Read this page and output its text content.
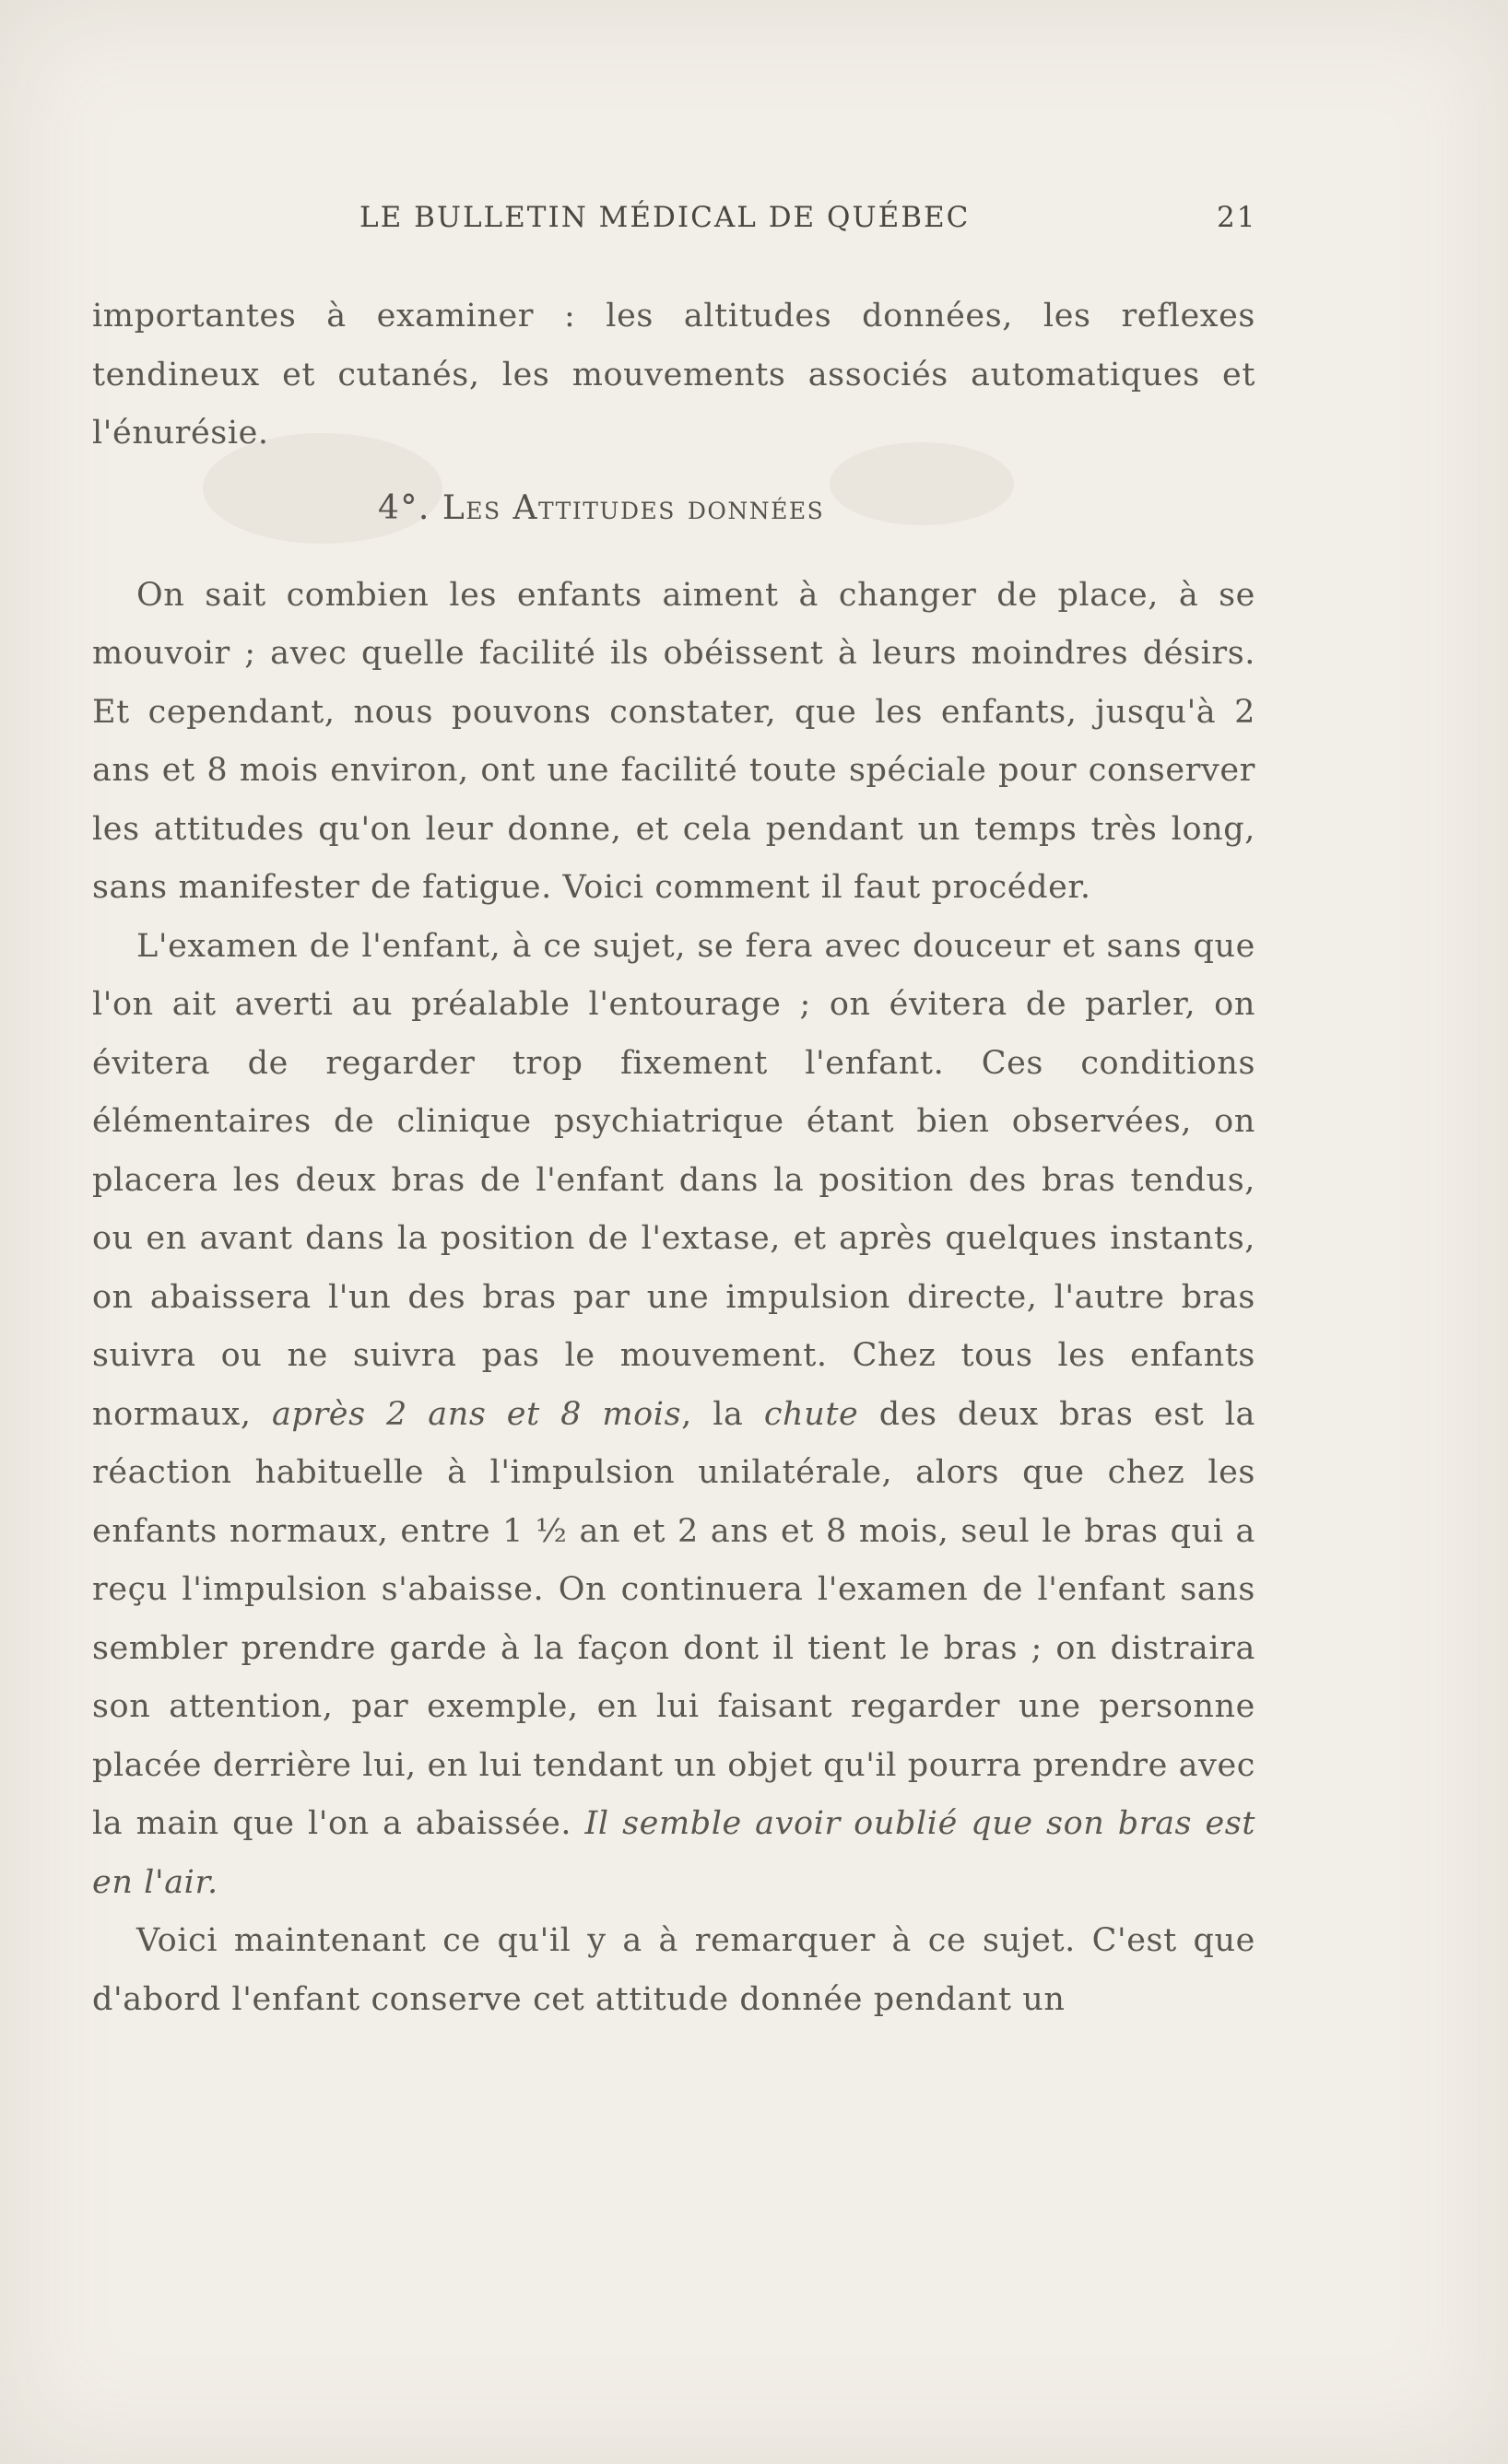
LE BULLETIN MÉDICAL DE QUÉBEC	21

importantes à examiner : les altitudes données, les reflexes tendineux et cutanés, les mouvements associés automatiques et l'énurésie.

4°. Les Attitudes données

On sait combien les enfants aiment à changer de place, à se mouvoir ; avec quelle facilité ils obéissent à leurs moindres désirs. Et cependant, nous pouvons constater, que les enfants, jusqu'à 2 ans et 8 mois environ, ont une facilité toute spéciale pour conserver les attitudes qu'on leur donne, et cela pendant un temps très long, sans manifester de fatigue. Voici comment il faut procéder.

L'examen de l'enfant, à ce sujet, se fera avec douceur et sans que l'on ait averti au préalable l'entourage ; on évitera de parler, on évitera de regarder trop fixement l'enfant. Ces conditions élémentaires de clinique psychiatrique étant bien observées, on placera les deux bras de l'enfant dans la position des bras tendus, ou en avant dans la position de l'extase, et après quelques instants, on abaissera l'un des bras par une impulsion directe, l'autre bras suivra ou ne suivra pas le mouvement. Chez tous les enfants normaux, après 2 ans et 8 mois, la chute des deux bras est la réaction habituelle à l'impulsion unilatérale, alors que chez les enfants normaux, entre 1 ½ an et 2 ans et 8 mois, seul le bras qui a reçu l'impulsion s'abaisse. On continuera l'examen de l'enfant sans sembler prendre garde à la façon dont il tient le bras ; on distraira son attention, par exemple, en lui faisant regarder une personne placée derrière lui, en lui tendant un objet qu'il pourra prendre avec la main que l'on a abaissée. Il semble avoir oublié que son bras est en l'air.

Voici maintenant ce qu'il y a à remarquer à ce sujet. C'est que d'abord l'enfant conserve cet attitude donnée pendant un
